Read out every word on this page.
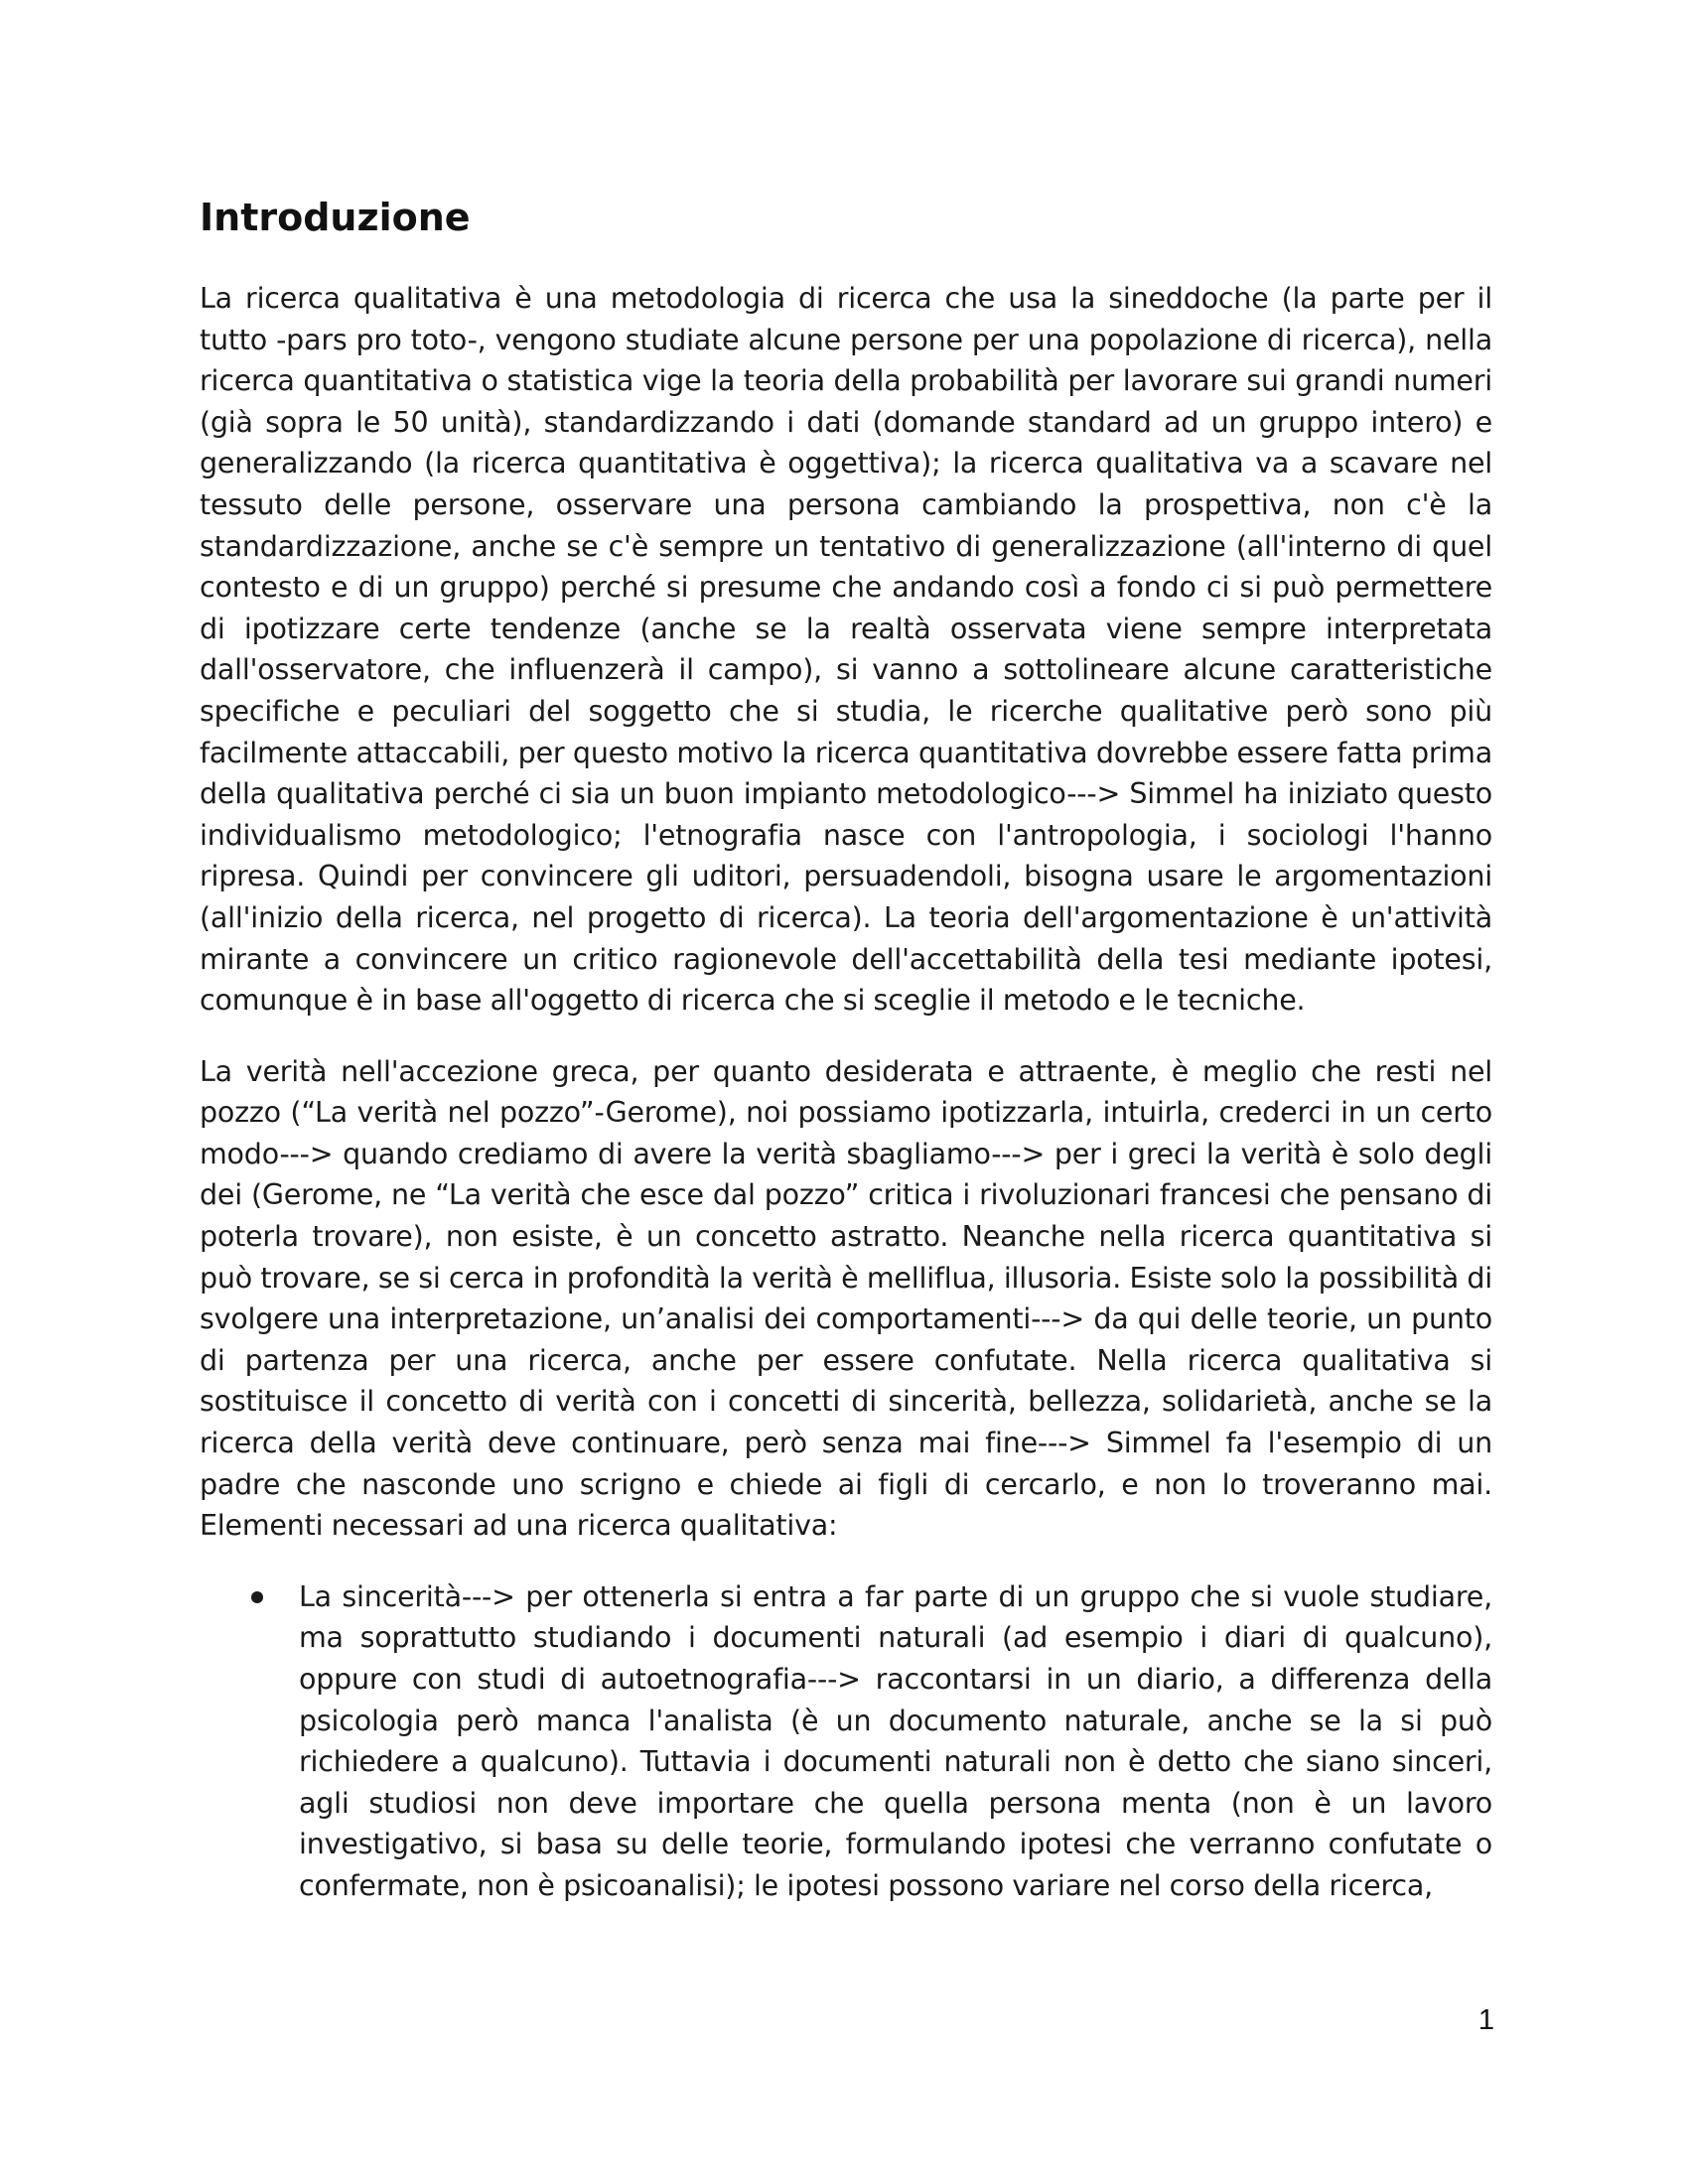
Introduzione

La ricerca qualitativa è una metodologia di ricerca che usa la sineddoche (la parte per il tutto -pars pro toto-, vengono studiate alcune persone per una popolazione di ricerca), nella ricerca quantitativa o statistica vige la teoria della probabilità per lavorare sui grandi numeri (già sopra le 50 unità), standardizzando i dati (domande standard ad un gruppo intero) e generalizzando (la ricerca quantitativa è oggettiva); la ricerca qualitativa va a scavare nel tessuto delle persone, osservare una persona cambiando la prospettiva, non c'è la standardizzazione, anche se c'è sempre un tentativo di generalizzazione (all'interno di quel contesto e di un gruppo) perché si presume che andando così a fondo ci si può permettere di ipotizzare certe tendenze (anche se la realtà osservata viene sempre interpretata dall'osservatore, che influenzerà il campo), si vanno a sottolineare alcune caratteristiche specifiche e peculiari del soggetto che si studia, le ricerche qualitative però sono più facilmente attaccabili, per questo motivo la ricerca quantitativa dovrebbe essere fatta prima della qualitativa perché ci sia un buon impianto metodologico---> Simmel ha iniziato questo individualismo metodologico; l'etnografia nasce con l'antropologia, i sociologi l'hanno ripresa. Quindi per convincere gli uditori, persuadendoli, bisogna usare le argomentazioni (all'inizio della ricerca, nel progetto di ricerca). La teoria dell'argomentazione è un'attività mirante a convincere un critico ragionevole dell'accettabilità della tesi mediante ipotesi, comunque è in base all'oggetto di ricerca che si sceglie il metodo e le tecniche.

La verità nell'accezione greca, per quanto desiderata e attraente, è meglio che resti nel pozzo (“La verità nel pozzo”-Gerome), noi possiamo ipotizzarla, intuirla, crederci in un certo modo---> quando crediamo di avere la verità sbagliamo---> per i greci la verità è solo degli dei (Gerome, ne “La verità che esce dal pozzo” critica i rivoluzionari francesi che pensano di poterla trovare), non esiste, è un concetto astratto. Neanche nella ricerca quantitativa si può trovare, se si cerca in profondità la verità è melliflua, illusoria. Esiste solo la possibilità di svolgere una interpretazione, un’analisi dei comportamenti---> da qui delle teorie, un punto di partenza per una ricerca, anche per essere confutate. Nella ricerca qualitativa si sostituisce il concetto di verità con i concetti di sincerità, bellezza, solidarietà, anche se la ricerca della verità deve continuare, però senza mai fine---> Simmel fa l'esempio di un padre che nasconde uno scrigno e chiede ai figli di cercarlo, e non lo troveranno mai. Elementi necessari ad una ricerca qualitativa:

La sincerità---> per ottenerla si entra a far parte di un gruppo che si vuole studiare, ma soprattutto studiando i documenti naturali (ad esempio i diari di qualcuno), oppure con studi di autoetnografia---> raccontarsi in un diario, a differenza della psicologia però manca l'analista (è un documento naturale, anche se la si può richiedere a qualcuno). Tuttavia i documenti naturali non è detto che siano sinceri, agli studiosi non deve importare che quella persona menta (non è un lavoro investigativo, si basa su delle teorie, formulando ipotesi che verranno confutate o confermate, non è psicoanalisi); le ipotesi possono variare nel corso della ricerca,
1
